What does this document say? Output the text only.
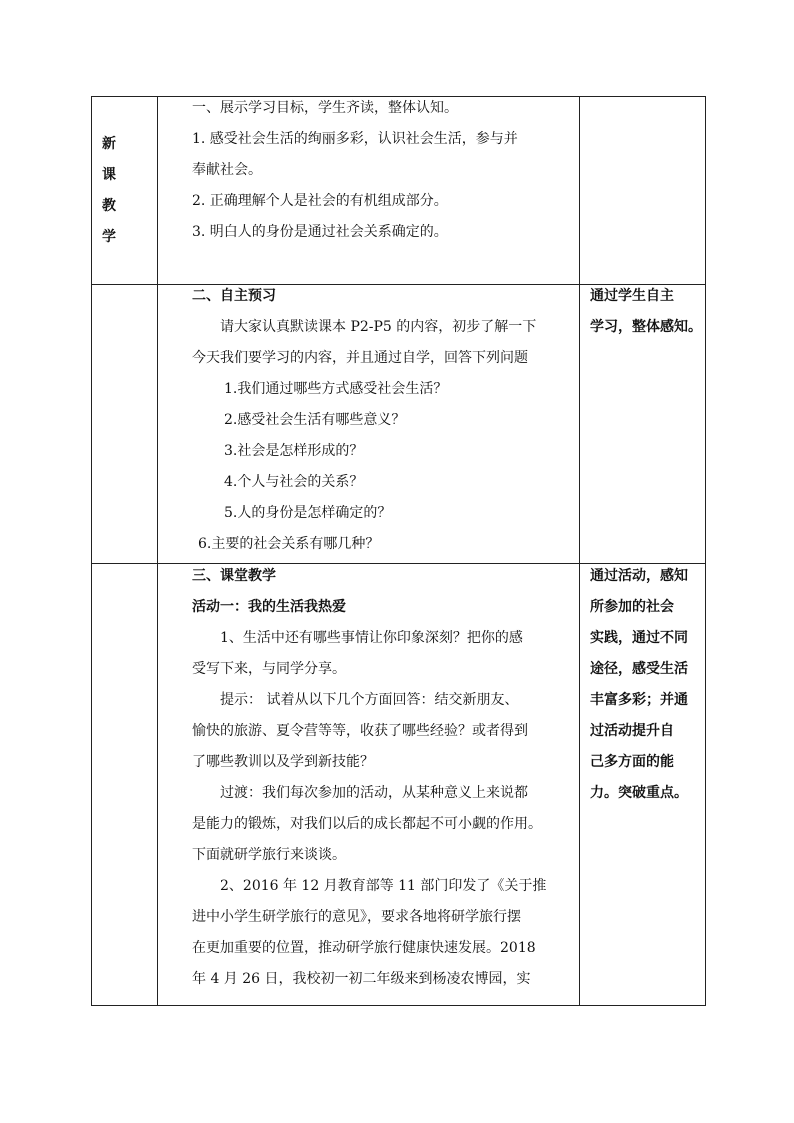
新
课
教
学
一、展示学习目标，学生齐读，整体认知。
1. 感受社会生活的绚丽多彩，认识社会生活，参与并
奉献社会。
2. 正确理解个人是社会的有机组成部分。
3. 明白人的身份是通过社会关系确定的。
二、自主预习
请大家认真默读课本 P2-P5 的内容，初步了解一下
今天我们要学习的内容，并且通过自学，回答下列问题
1.我们通过哪些方式感受社会生活？
2.感受社会生活有哪些意义？
3.社会是怎样形成的？
4.个人与社会的关系？
5.人的身份是怎样确定的？
6.主要的社会关系有哪几种？
通过学生自主
学习，整体感知。
三、课堂教学
活动一：我的生活我热爱
1、生活中还有哪些事情让你印象深刻？把你的感
受写下来，与同学分享。
提示： 试着从以下几个方面回答：结交新朋友、
愉快的旅游、夏令营等等，收获了哪些经验？或者得到
了哪些教训以及学到新技能？
过渡：我们每次参加的活动，从某种意义上来说都
是能力的锻炼，对我们以后的成长都起不可小觑的作用。
下面就研学旅行来谈谈。
2、2016 年 12 月教育部等 11 部门印发了《关于推
进中小学生研学旅行的意见》，要求各地将研学旅行摆
在更加重要的位置，推动研学旅行健康快速发展。2018
年 4 月 26 日，我校初一初二年级来到杨凌农博园，实
通过活动，感知
所参加的社会
实践，通过不同
途径，感受生活
丰富多彩；并通
过活动提升自
己多方面的能
力。突破重点。
